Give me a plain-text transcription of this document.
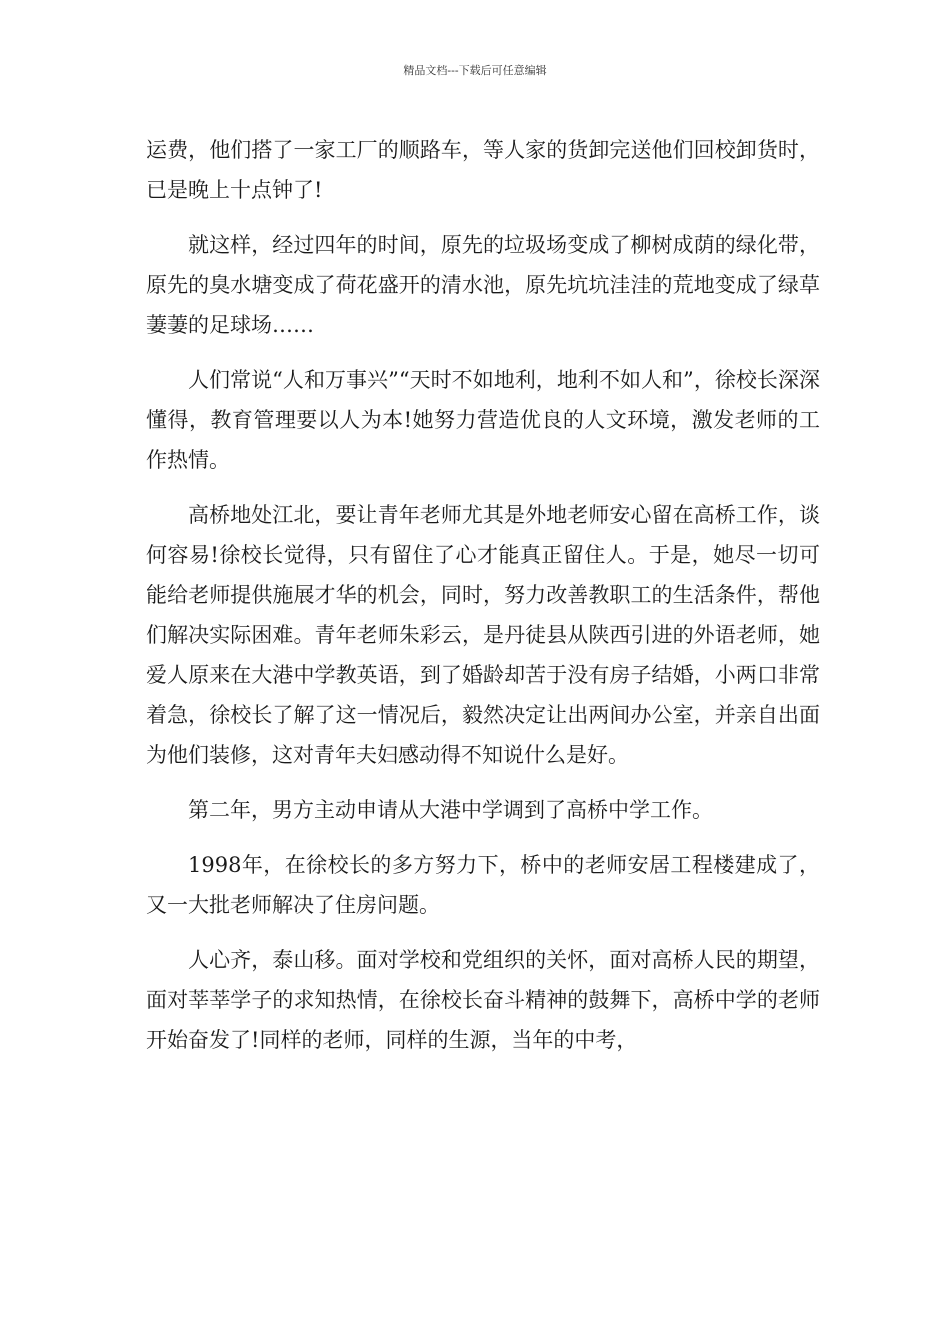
精品文档---下载后可任意编辑

运费，他们搭了一家工厂的顺路车，等人家的货卸完送他们回校卸货时，已是晚上十点钟了!

就这样，经过四年的时间，原先的垃圾场变成了柳树成荫的绿化带，原先的臭水塘变成了荷花盛开的清水池，原先坑坑洼洼的荒地变成了绿草萋萋的足球场……

人们常说“人和万事兴”“天时不如地利，地利不如人和”，徐校长深深懂得，教育管理要以人为本!她努力营造优良的人文环境，激发老师的工作热情。

高桥地处江北，要让青年老师尤其是外地老师安心留在高桥工作，谈何容易!徐校长觉得，只有留住了心才能真正留住人。于是，她尽一切可能给老师提供施展才华的机会，同时，努力改善教职工的生活条件，帮他们解决实际困难。青年老师朱彩云，是丹徒县从陕西引进的外语老师，她爱人原来在大港中学教英语，到了婚龄却苦于没有房子结婚，小两口非常着急，徐校长了解了这一情况后，毅然决定让出两间办公室，并亲自出面为他们装修，这对青年夫妇感动得不知说什么是好。

第二年，男方主动申请从大港中学调到了高桥中学工作。

1998年，在徐校长的多方努力下，桥中的老师安居工程楼建成了，又一大批老师解决了住房问题。

人心齐，泰山移。面对学校和党组织的关怀，面对高桥人民的期望，面对莘莘学子的求知热情，在徐校长奋斗精神的鼓舞下，高桥中学的老师开始奋发了!同样的老师，同样的生源，当年的中考，
